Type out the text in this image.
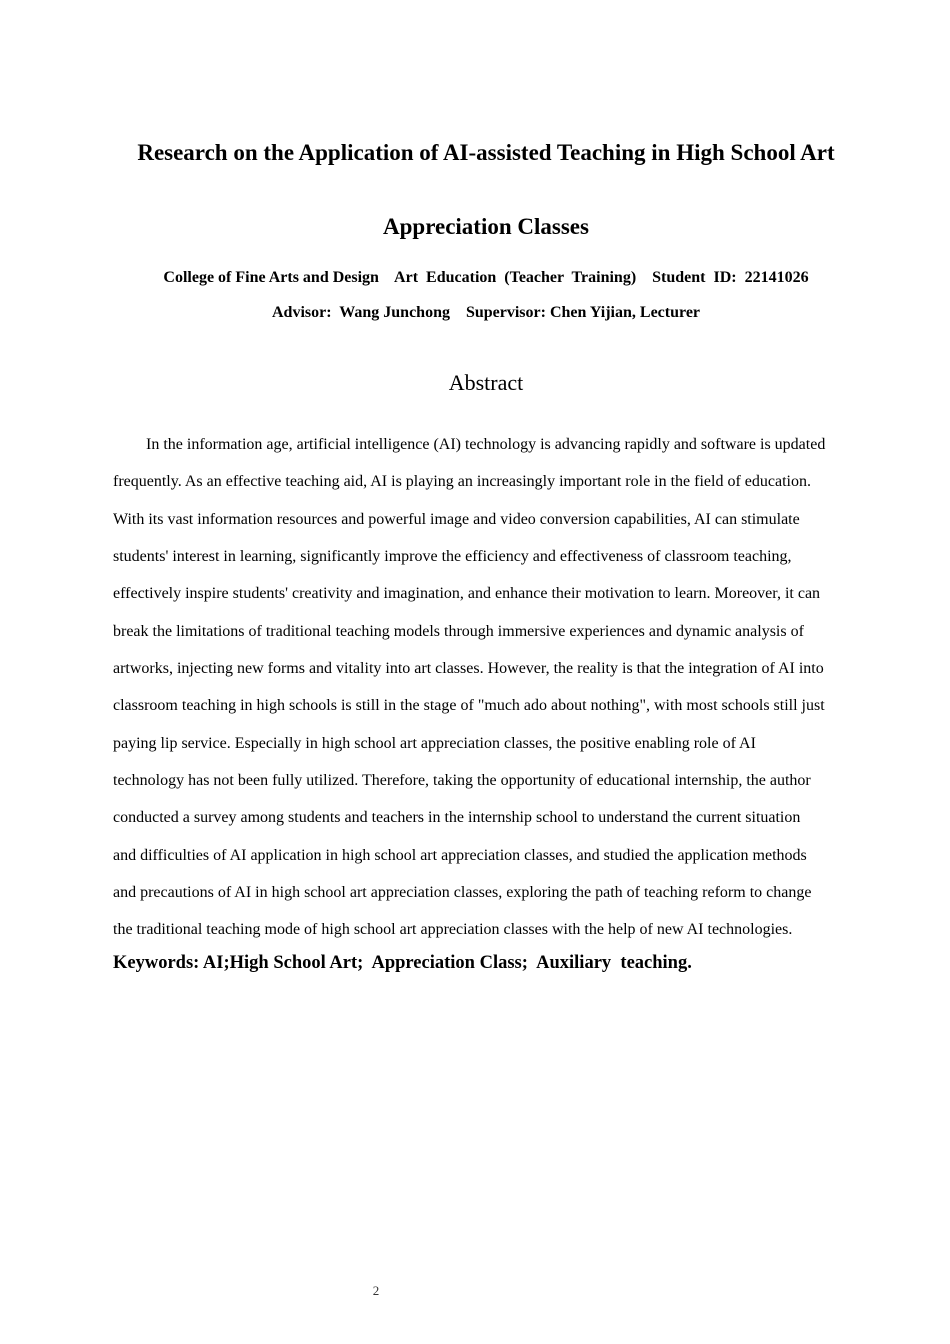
Research on the Application of AI-assisted Teaching in High School Art
Appreciation Classes
College of Fine Arts and Design    Art  Education  (Teacher  Training)    Student  ID:  22141026
Advisor:  Wang Junchong    Supervisor: Chen Yijian, Lecturer
Abstract
In the information age, artificial intelligence (AI) technology is advancing rapidly and software is updated
frequently. As an effective teaching aid, AI is playing an increasingly important role in the field of education.
With its vast information resources and powerful image and video conversion capabilities, AI can stimulate
students' interest in learning, significantly improve the efficiency and effectiveness of classroom teaching,
effectively inspire students' creativity and imagination, and enhance their motivation to learn. Moreover, it can
break the limitations of traditional teaching models through immersive experiences and dynamic analysis of
artworks, injecting new forms and vitality into art classes. However, the reality is that the integration of AI into
classroom teaching in high schools is still in the stage of "much ado about nothing", with most schools still just
paying lip service. Especially in high school art appreciation classes, the positive enabling role of AI
technology has not been fully utilized. Therefore, taking the opportunity of educational internship, the author
conducted a survey among students and teachers in the internship school to understand the current situation
and difficulties of AI application in high school art appreciation classes, and studied the application methods
and precautions of AI in high school art appreciation classes, exploring the path of teaching reform to change
the traditional teaching mode of high school art appreciation classes with the help of new AI technologies.
Keywords: AI;High School Art;  Appreciation Class;  Auxiliary  teaching.
2
